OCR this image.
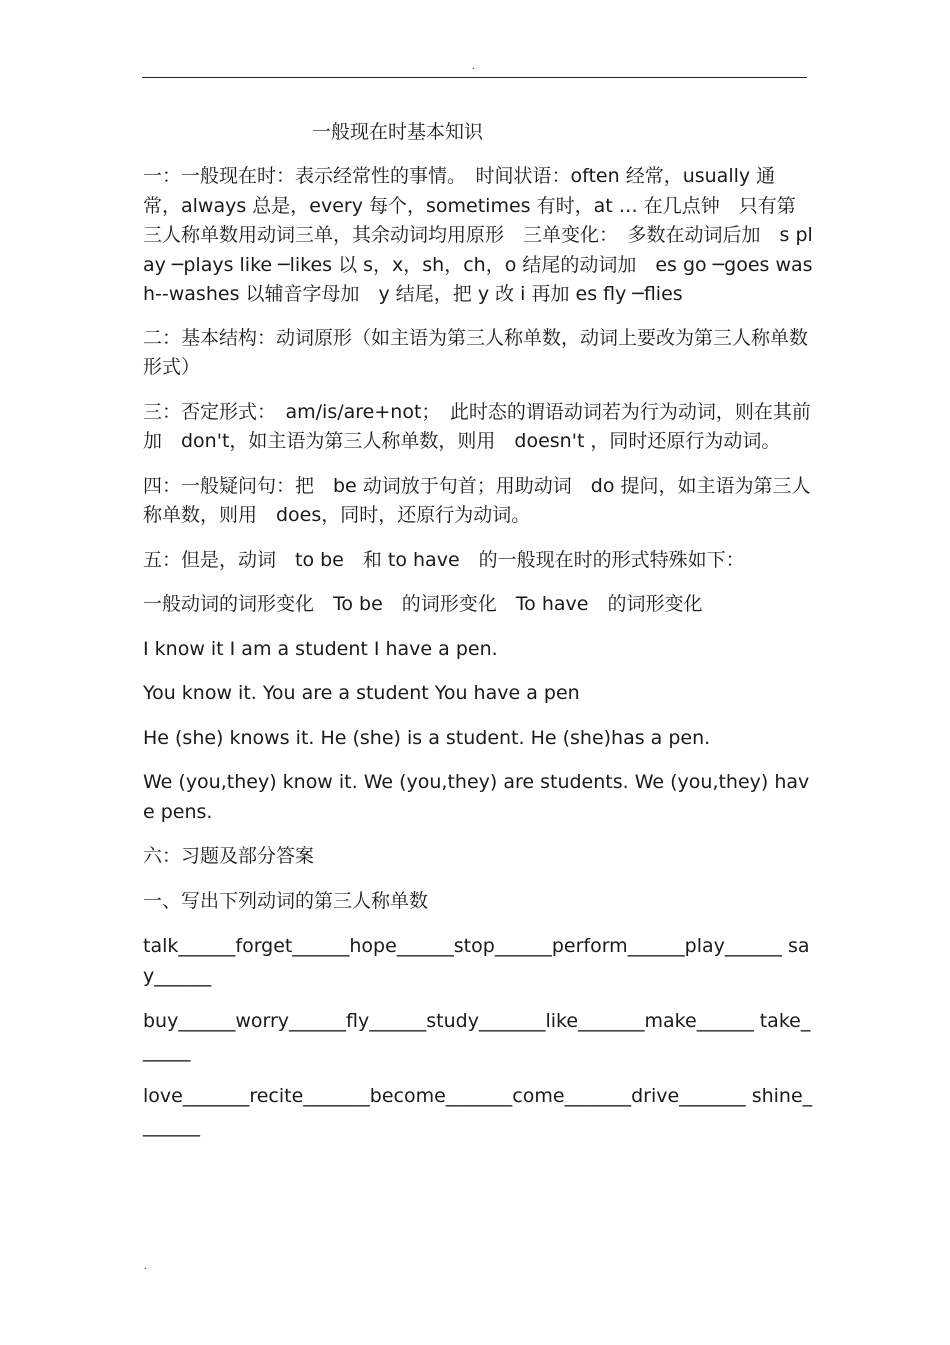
.
一般现在时基本知识

一：一般现在时：表示经常性的事情。　时间状语：often 经常，usually 通常，always 总是，every 每个，sometimes 有时，at … 在几点钟　只有第三人称单数用动词三单，其余动词均用原形　三单变化：　多数在动词后加　s play ─plays like ─likes 以 s，x，sh，ch，o 结尾的动词加　es go ─goes wash--washes 以辅音字母加　y 结尾，把 y 改 i 再加 es fly ─flies

二：基本结构：动词原形（如主语为第三人称单数，动词上要改为第三人称单数形式）

三：否定形式：　am/is/are+not；　此时态的谓语动词若为行为动词，则在其前加　don't，如主语为第三人称单数，则用　doesn't ，同时还原行为动词。

四：一般疑问句：把　be 动词放于句首；用助动词　do 提问，如主语为第三人称单数，则用　does，同时，还原行为动词。

五：但是，动词　to be　和 to have　的一般现在时的形式特殊如下：

一般动词的词形变化　To be　的词形变化　To have　的词形变化

I know it I am a student I have a pen.

You know it. You are a student You have a pen

He (she) knows it. He (she) is a student. He (she)has a pen.

We (you,they) know it. We (you,they) are students. We (you,they) have pens.

六：习题及部分答案

一、写出下列动词的第三人称单数

talk______forget______hope______stop______perform______play______ say______

buy______worry______fly______study_______like_______make______ take______

love_______recite_______become_______come_______drive_______ shine_______

.
